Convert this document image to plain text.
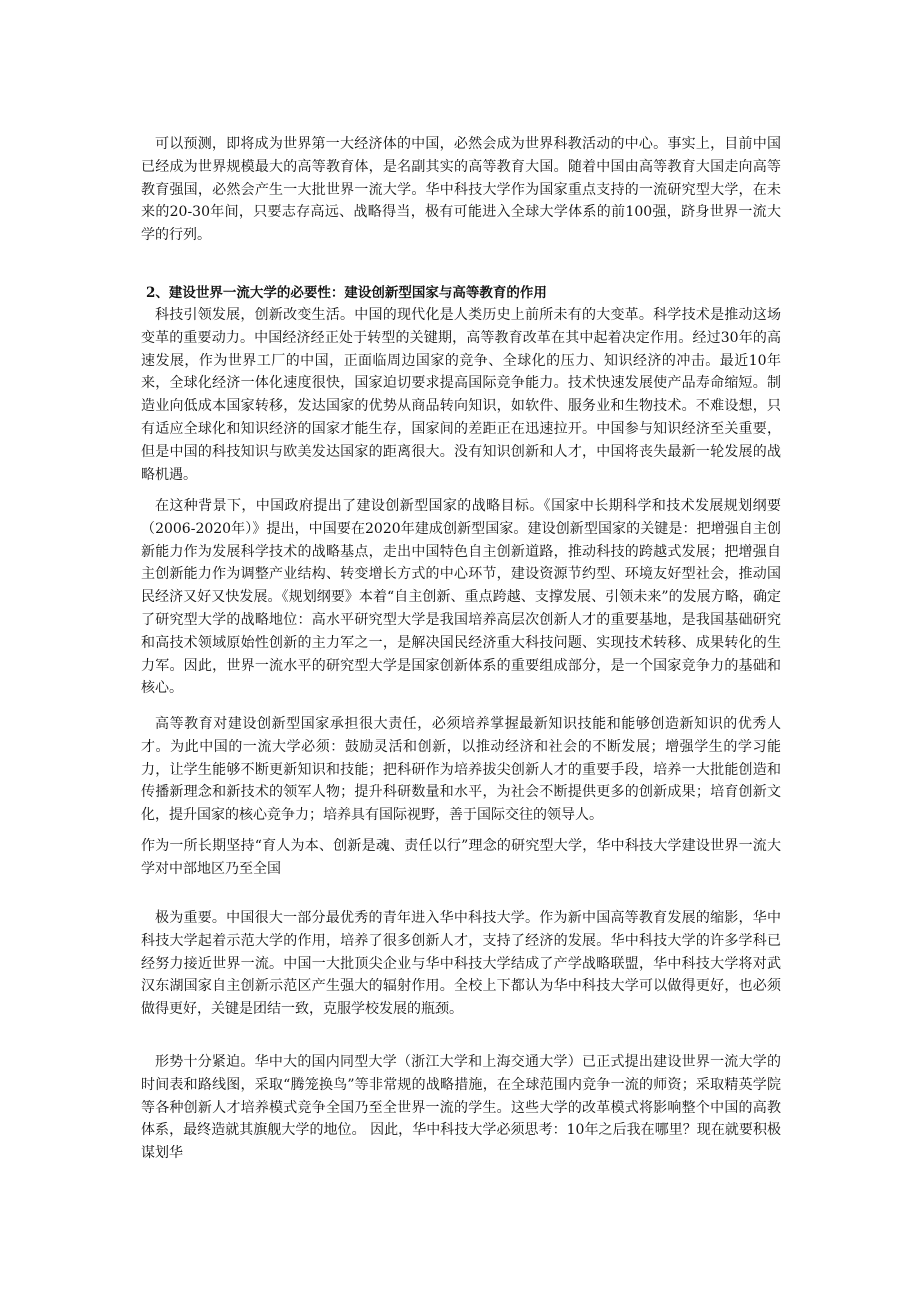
可以预测，即将成为世界第一大经济体的中国，必然会成为世界科教活动的中心。事实上，目前中国已经成为世界规模最大的高等教育体，是名副其实的高等教育大国。随着中国由高等教育大国走向高等教育强国，必然会产生一大批世界一流大学。华中科技大学作为国家重点支持的一流研究型大学，在未来的20-30年间，只要志存高远、战略得当，极有可能进入全球大学体系的前100强，跻身世界一流大学的行列。

2、建设世界一流大学的必要性：建设创新型国家与高等教育的作用

科技引领发展，创新改变生活。中国的现代化是人类历史上前所未有的大变革。科学技术是推动这场变革的重要动力。中国经济经正处于转型的关键期，高等教育改革在其中起着决定作用。经过30年的高速发展，作为世界工厂的中国，正面临周边国家的竞争、全球化的压力、知识经济的冲击。最近10年来，全球化经济一体化速度很快，国家迫切要求提高国际竞争能力。技术快速发展使产品寿命缩短。制造业向低成本国家转移，发达国家的优势从商品转向知识，如软件、服务业和生物技术。不难设想，只有适应全球化和知识经济的国家才能生存，国家间的差距正在迅速拉开。中国参与知识经济至关重要，但是中国的科技知识与欧美发达国家的距离很大。没有知识创新和人才，中国将丧失最新一轮发展的战略机遇。

在这种背景下，中国政府提出了建设创新型国家的战略目标。《国家中长期科学和技术发展规划纲要（2006-2020年）》提出，中国要在2020年建成创新型国家。建设创新型国家的关键是：把增强自主创新能力作为发展科学技术的战略基点，走出中国特色自主创新道路，推动科技的跨越式发展；把增强自主创新能力作为调整产业结构、转变增长方式的中心环节，建设资源节约型、环境友好型社会，推动国民经济又好又快发展。《规划纲要》本着“自主创新、重点跨越、支撑发展、引领未来”的发展方略，确定了研究型大学的战略地位：高水平研究型大学是我国培养高层次创新人才的重要基地，是我国基础研究和高技术领域原始性创新的主力军之一，是解决国民经济重大科技问题、实现技术转移、成果转化的生力军。因此，世界一流水平的研究型大学是国家创新体系的重要组成部分，是一个国家竞争力的基础和核心。

高等教育对建设创新型国家承担很大责任，必须培养掌握最新知识技能和能够创造新知识的优秀人才。为此中国的一流大学必须：鼓励灵活和创新，以推动经济和社会的不断发展；增强学生的学习能力，让学生能够不断更新知识和技能；把科研作为培养拔尖创新人才的重要手段，培养一大批能创造和传播新理念和新技术的领军人物；提升科研数量和水平，为社会不断提供更多的创新成果；培育创新文化，提升国家的核心竞争力；培养具有国际视野，善于国际交往的领导人。

作为一所长期坚持“育人为本、创新是魂、责任以行”理念的研究型大学，华中科技大学建设世界一流大学对中部地区乃至全国

极为重要。中国很大一部分最优秀的青年进入华中科技大学。作为新中国高等教育发展的缩影，华中科技大学起着示范大学的作用，培养了很多创新人才，支持了经济的发展。华中科技大学的许多学科已经努力接近世界一流。中国一大批顶尖企业与华中科技大学结成了产学战略联盟，华中科技大学将对武汉东湖国家自主创新示范区产生强大的辐射作用。全校上下都认为华中科技大学可以做得更好，也必须做得更好，关键是团结一致，克服学校发展的瓶颈。

形势十分紧迫。华中大的国内同型大学（浙江大学和上海交通大学）已正式提出建设世界一流大学的时间表和路线图，采取“腾笼换鸟”等非常规的战略措施，在全球范围内竞争一流的师资；采取精英学院等各种创新人才培养模式竞争全国乃至全世界一流的学生。这些大学的改革模式将影响整个中国的高教体系，最终造就其旗舰大学的地位。 因此，华中科技大学必须思考：10年之后我在哪里？现在就要积极谋划华
